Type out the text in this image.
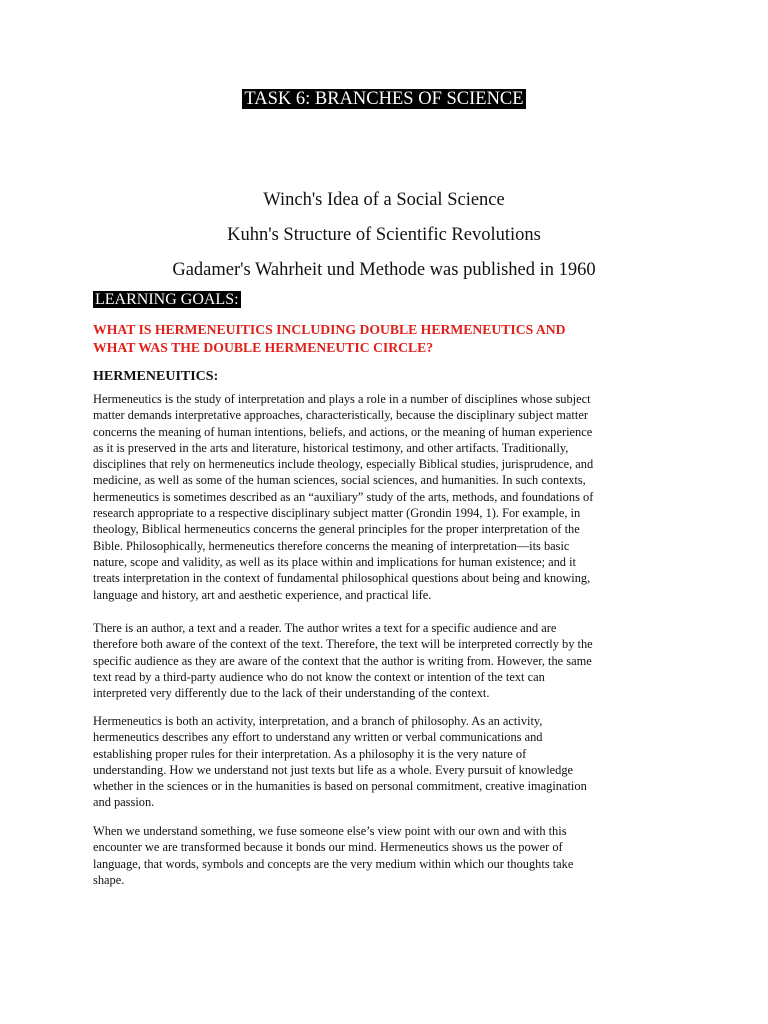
TASK 6: BRANCHES OF SCIENCE
Winch's Idea of a Social Science
Kuhn's Structure of Scientific Revolutions
Gadamer's Wahrheit und Methode was published in 1960
LEARNING GOALS:
WHAT IS HERMENEUITICS INCLUDING DOUBLE HERMENEUTICS AND
WHAT WAS THE DOUBLE HERMENEUTIC CIRCLE?
HERMENEUITICS:
Hermeneutics is the study of interpretation and plays a role in a number of disciplines whose subject
matter demands interpretative approaches, characteristically, because the disciplinary subject matter
concerns the meaning of human intentions, beliefs, and actions, or the meaning of human experience
as it is preserved in the arts and literature, historical testimony, and other artifacts. Traditionally,
disciplines that rely on hermeneutics include theology, especially Biblical studies, jurisprudence, and
medicine, as well as some of the human sciences, social sciences, and humanities. In such contexts,
hermeneutics is sometimes described as an “auxiliary” study of the arts, methods, and foundations of
research appropriate to a respective disciplinary subject matter (Grondin 1994, 1). For example, in
theology, Biblical hermeneutics concerns the general principles for the proper interpretation of the
Bible. Philosophically, hermeneutics therefore concerns the meaning of interpretation—its basic
nature, scope and validity, as well as its place within and implications for human existence; and it
treats interpretation in the context of fundamental philosophical questions about being and knowing,
language and history, art and aesthetic experience, and practical life.
There is an author, a text and a reader. The author writes a text for a specific audience and are
therefore both aware of the context of the text. Therefore, the text will be interpreted correctly by the
specific audience as they are aware of the context that the author is writing from. However, the same
text read by a third-party audience who do not know the context or intention of the text can
interpreted very differently due to the lack of their understanding of the context.
Hermeneutics is both an activity, interpretation, and a branch of philosophy. As an activity,
hermeneutics describes any effort to understand any written or verbal communications and
establishing proper rules for their interpretation. As a philosophy it is the very nature of
understanding. How we understand not just texts but life as a whole. Every pursuit of knowledge
whether in the sciences or in the humanities is based on personal commitment, creative imagination
and passion.
When we understand something, we fuse someone else’s view point with our own and with this
encounter we are transformed because it bonds our mind. Hermeneutics shows us the power of
language, that words, symbols and concepts are the very medium within which our thoughts take
shape.
